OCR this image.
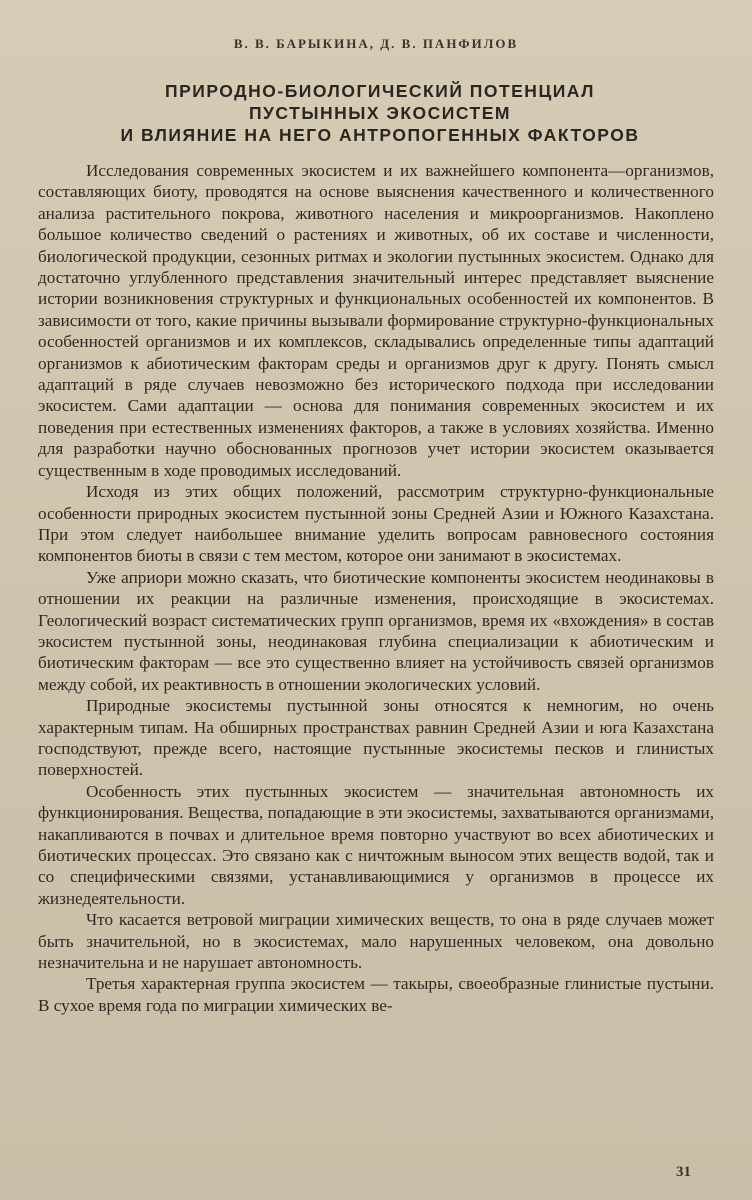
В. В. БАРЫКИНА, Д. В. ПАНФИЛОВ
ПРИРОДНО-БИОЛОГИЧЕСКИЙ ПОТЕНЦИАЛ
ПУСТЫННЫХ ЭКОСИСТЕМ
И ВЛИЯНИЕ НА НЕГО АНТРОПОГЕННЫХ ФАКТОРОВ

Исследования современных экосистем и их важнейшего компонента—организмов, составляющих биоту, проводятся на основе выяснения качественного и количественного анализа растительного покрова, животного населения и микроорганизмов. Накоплено большое количество сведений о растениях и животных, об их составе и численности, биологической продукции, сезонных ритмах и экологии пустынных экосистем. Однако для достаточно углубленного представления значительный интерес представляет выяснение истории возникновения структурных и функциональных особенностей их компонентов. В зависимости от того, какие причины вызывали формирование структурно-функциональных особенностей организмов и их комплексов, складывались определенные типы адаптаций организмов к абиотическим факторам среды и организмов друг к другу. Понять смысл адаптаций в ряде случаев невозможно без исторического подхода при исследовании экосистем. Сами адаптации — основа для понимания современных экосистем и их поведения при естественных изменениях факторов, а также в условиях хозяйства. Именно для разработки научно обоснованных прогнозов учет истории экосистем оказывается существенным в ходе проводимых исследований.

Исходя из этих общих положений, рассмотрим структурно-функциональные особенности природных экосистем пустынной зоны Средней Азии и Южного Казахстана. При этом следует наибольшее внимание уделить вопросам равновесного состояния компонентов биоты в связи с тем местом, которое они занимают в экосистемах.

Уже априори можно сказать, что биотические компоненты экосистем неодинаковы в отношении их реакции на различные изменения, происходящие в экосистемах. Геологический возраст систематических групп организмов, время их «вхождения» в состав экосистем пустынной зоны, неодинаковая глубина специализации к абиотическим и биотическим факторам — все это существенно влияет на устойчивость связей организмов между собой, их реактивность в отношении экологических условий.

Природные экосистемы пустынной зоны относятся к немногим, но очень характерным типам. На обширных пространствах равнин Средней Азии и юга Казахстана господствуют, прежде всего, настоящие пустынные экосистемы песков и глинистых поверхностей.

Особенность этих пустынных экосистем — значительная автономность их функционирования. Вещества, попадающие в эти экосистемы, захватываются организмами, накапливаются в почвах и длительное время повторно участвуют во всех абиотических и биотических процессах. Это связано как с ничтожным выносом этих веществ водой, так и со специфическими связями, устанавливающимися у организмов в процессе их жизнедеятельности.

Что касается ветровой миграции химических веществ, то она в ряде случаев может быть значительной, но в экосистемах, мало нарушенных человеком, она довольно незначительна и не нарушает автономность.

Третья характерная группа экосистем — такыры, своеобразные глинистые пустыни. В сухое время года по миграции химических ве-

31
